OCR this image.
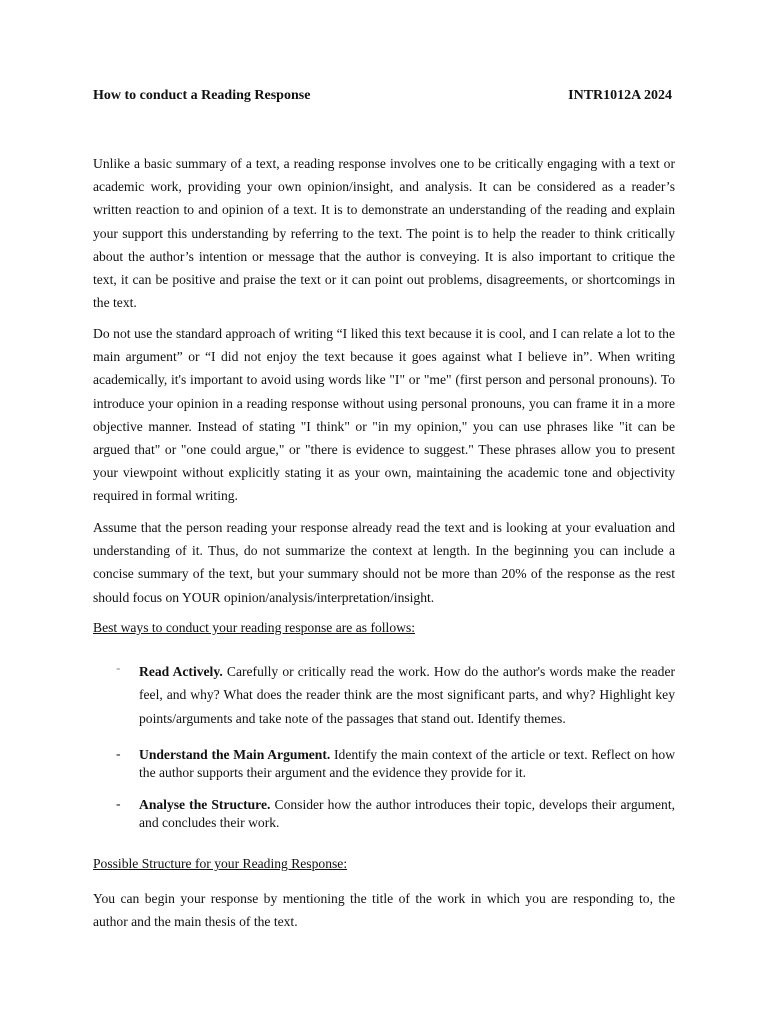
How to conduct a Reading Response	INTR1012A 2024

Unlike a basic summary of a text, a reading response involves one to be critically engaging with a text or academic work, providing your own opinion/insight, and analysis. It can be considered as a reader’s written reaction to and opinion of a text. It is to demonstrate an understanding of the reading and explain your support this understanding by referring to the text. The point is to help the reader to think critically about the author’s intention or message that the author is conveying. It is also important to critique the text, it can be positive and praise the text or it can point out problems, disagreements, or shortcomings in the text.

Do not use the standard approach of writing “I liked this text because it is cool, and I can relate a lot to the main argument” or “I did not enjoy the text because it goes against what I believe in”. When writing academically, it's important to avoid using words like "I" or "me" (first person and personal pronouns). To introduce your opinion in a reading response without using personal pronouns, you can frame it in a more objective manner. Instead of stating "I think" or "in my opinion," you can use phrases like "it can be argued that" or "one could argue," or "there is evidence to suggest." These phrases allow you to present your viewpoint without explicitly stating it as your own, maintaining the academic tone and objectivity required in formal writing.

Assume that the person reading your response already read the text and is looking at your evaluation and understanding of it. Thus, do not summarize the context at length. In the beginning you can include a concise summary of the text, but your summary should not be more than 20% of the response as the rest should focus on YOUR opinion/analysis/interpretation/insight.

Best ways to conduct your reading response are as follows:

- Read Actively. Carefully or critically read the work. How do the author's words make the reader feel, and why? What does the reader think are the most significant parts, and why? Highlight key points/arguments and take note of the passages that stand out. Identify themes.

- Understand the Main Argument. Identify the main context of the article or text. Reflect on how the author supports their argument and the evidence they provide for it.

- Analyse the Structure. Consider how the author introduces their topic, develops their argument, and concludes their work.

Possible Structure for your Reading Response:

You can begin your response by mentioning the title of the work in which you are responding to, the author and the main thesis of the text.
